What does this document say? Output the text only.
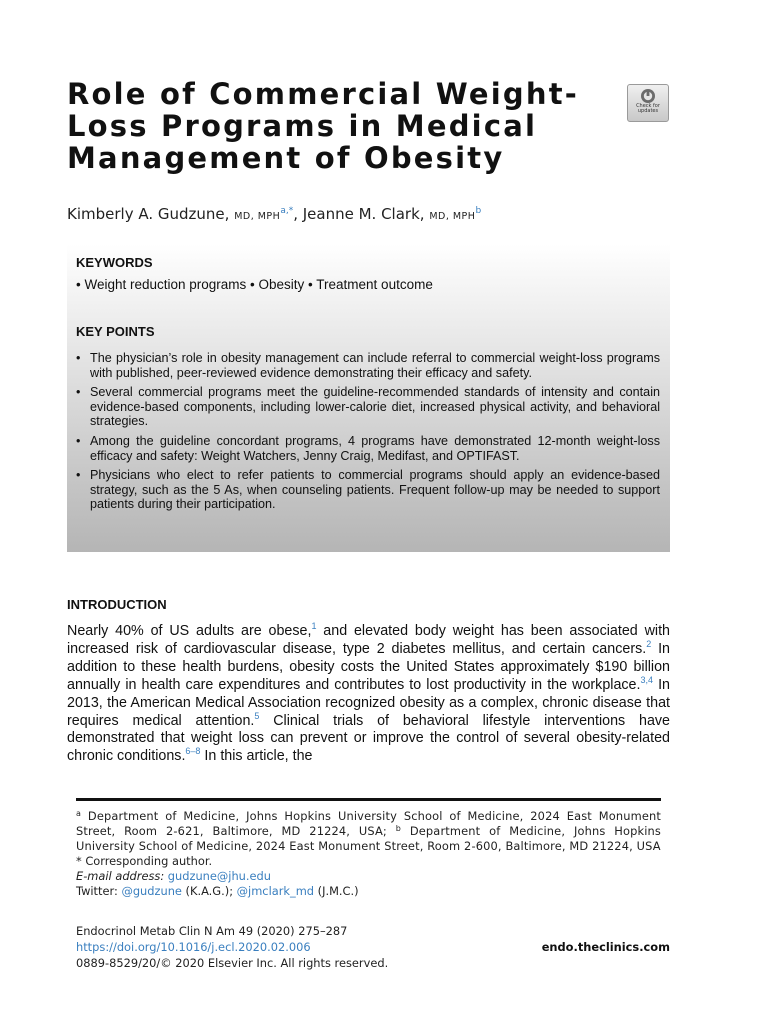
Role of Commercial Weight-
Loss Programs in Medical
Management of Obesity
Check for
updates
Kimberly A. Gudzune, MD, $MPH^{a,*}$, Jeanne M. Clark, MD, MPH$^b$
KEYWORDS
• Weight reduction programs • Obesity • Treatment outcome
KEY POINTS
• The physician’s role in obesity management can include referral to commercial weight-loss programs with published, peer-reviewed evidence demonstrating their efficacy and safety.
• Several commercial programs meet the guideline-recommended standards of intensity and contain evidence-based components, including lower-calorie diet, increased physical activity, and behavioral strategies.
• Among the guideline concordant programs, 4 programs have demonstrated 12-month weight-loss efficacy and safety: Weight Watchers, Jenny Craig, Medifast, and OPTIFAST.
• Physicians who elect to refer patients to commercial programs should apply an evidence-based strategy, such as the 5 As, when counseling patients. Frequent follow-up may be needed to support patients during their participation.
INTRODUCTION

Nearly 40% of US adults are obese,$^1$ and elevated body weight has been associated with increased risk of cardiovascular disease, type 2 diabetes mellitus, and certain cancers.$^2$ In addition to these health burdens, obesity costs the United States approximately $190 billion annually in health care expenditures and contributes to lost productivity in the workplace.$^{3,4}$ In 2013, the American Medical Association recognized obesity as a complex, chronic disease that requires medical attention.$^5$ Clinical trials of behavioral lifestyle interventions have demonstrated that weight loss can prevent or improve the control of several obesity-related chronic conditions.$^{6-8}$ In this article, the

$^a$ Department of Medicine, Johns Hopkins University School of Medicine, 2024 East Monument Street, Room 2-621, Baltimore, MD 21224, USA; $^b$ Department of Medicine, Johns Hopkins University School of Medicine, 2024 East Monument Street, Room 2-600, Baltimore, MD 21224, USA

* Corresponding author.

E-mail address: gudzune@jhu.edu

Twitter: @gudzune (K.A.G.); @jmclark_md (J.M.C.)

Endocrinol Metab Clin N Am 49 (2020) 275–287

https://doi.org/10.1016/j.ecl.2020.02.006

0889-8529/20/© 2020 Elsevier Inc. All rights reserved.

endo.theclinics.com
